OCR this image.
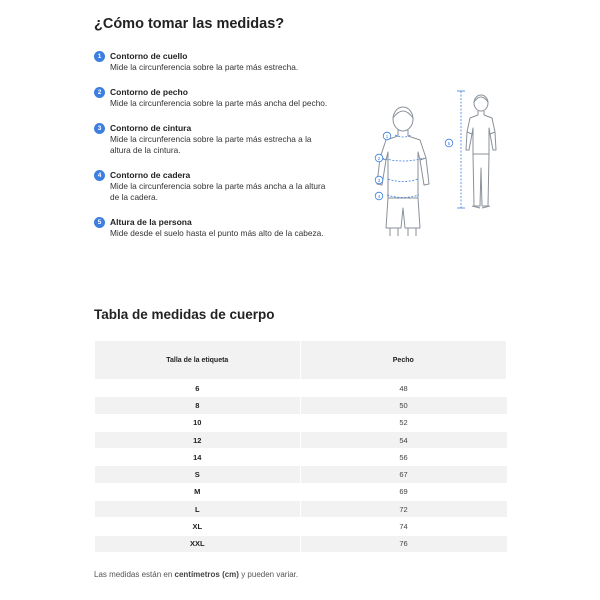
¿Cómo tomar las medidas?
1	Contorno de cuello
Mide la circunferencia sobre la parte más estrecha.
2	Contorno de pecho
Mide la circunferencia sobre la parte más ancha del pecho.
3	Contorno de cintura
Mide la circunferencia sobre la parte más estrecha a la altura de la cintura.
4	Contorno de cadera
Mide la circunferencia sobre la parte más ancha a la altura de la cadera.
5	Altura de la persona
Mide desde el suelo hasta el punto más alto de la cabeza.
1
2
3
4
5
Tabla de medidas de cuerpo
Talla de la etiqueta	Pecho
6	48
8	50
10	52
12	54
14	56
S	67
M	69
L	72
XL	74
XXL	76
Las medidas están en centímetros (cm) y pueden variar.
